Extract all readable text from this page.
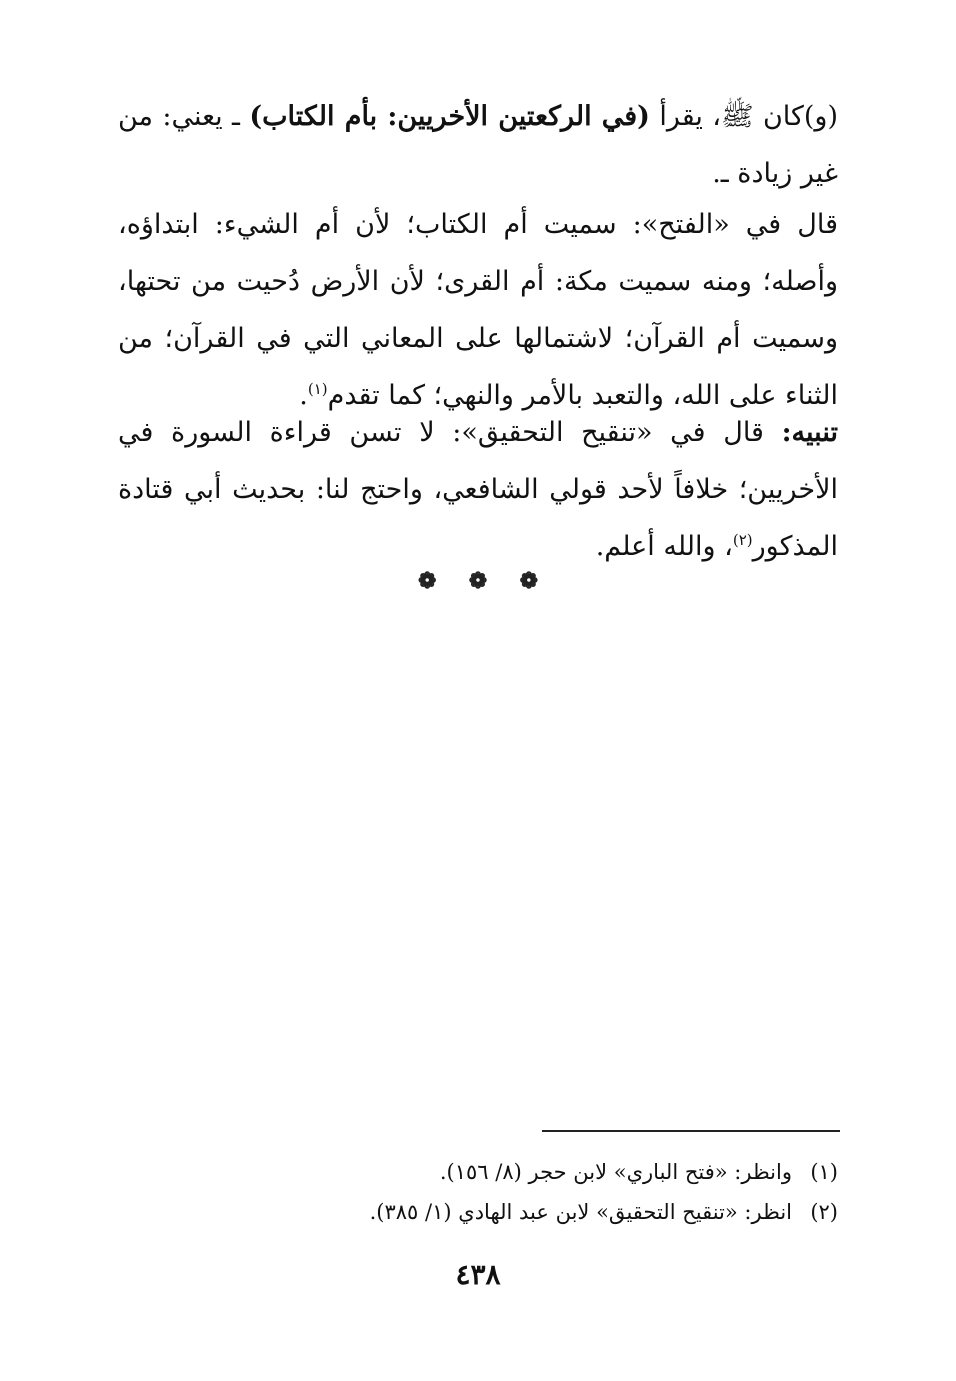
(و)كان ﷺ، يقرأ (في الركعتين الأخريين: بأم الكتاب) ـ يعني: من غير زيادة ـ.

قال في «الفتح»: سميت أم الكتاب؛ لأن أم الشيء: ابتداؤه، وأصله؛ ومنه سميت مكة: أم القرى؛ لأن الأرض دُحيت من تحتها، وسميت أم القرآن؛ لاشتمالها على المعاني التي في القرآن؛ من الثناء على الله، والتعبد بالأمر والنهي؛ كما تقدم$^{(١)}$.

تنبيه: قال في «تنقيح التحقيق»: لا تسن قراءة السورة في الأخريين؛ خلافاً لأحد قولي الشافعي، واحتج لنا: بحديث أبي قتادة المذكور$^{(٢)}$، والله أعلم.

❁ ❁ ❁
(١)وانظر: «فتح الباري» لابن حجر (٨/ ١٥٦).
(٢)انظر: «تنقيح التحقيق» لابن عبد الهادي (١/ ٣٨٥).
٤٣٨
